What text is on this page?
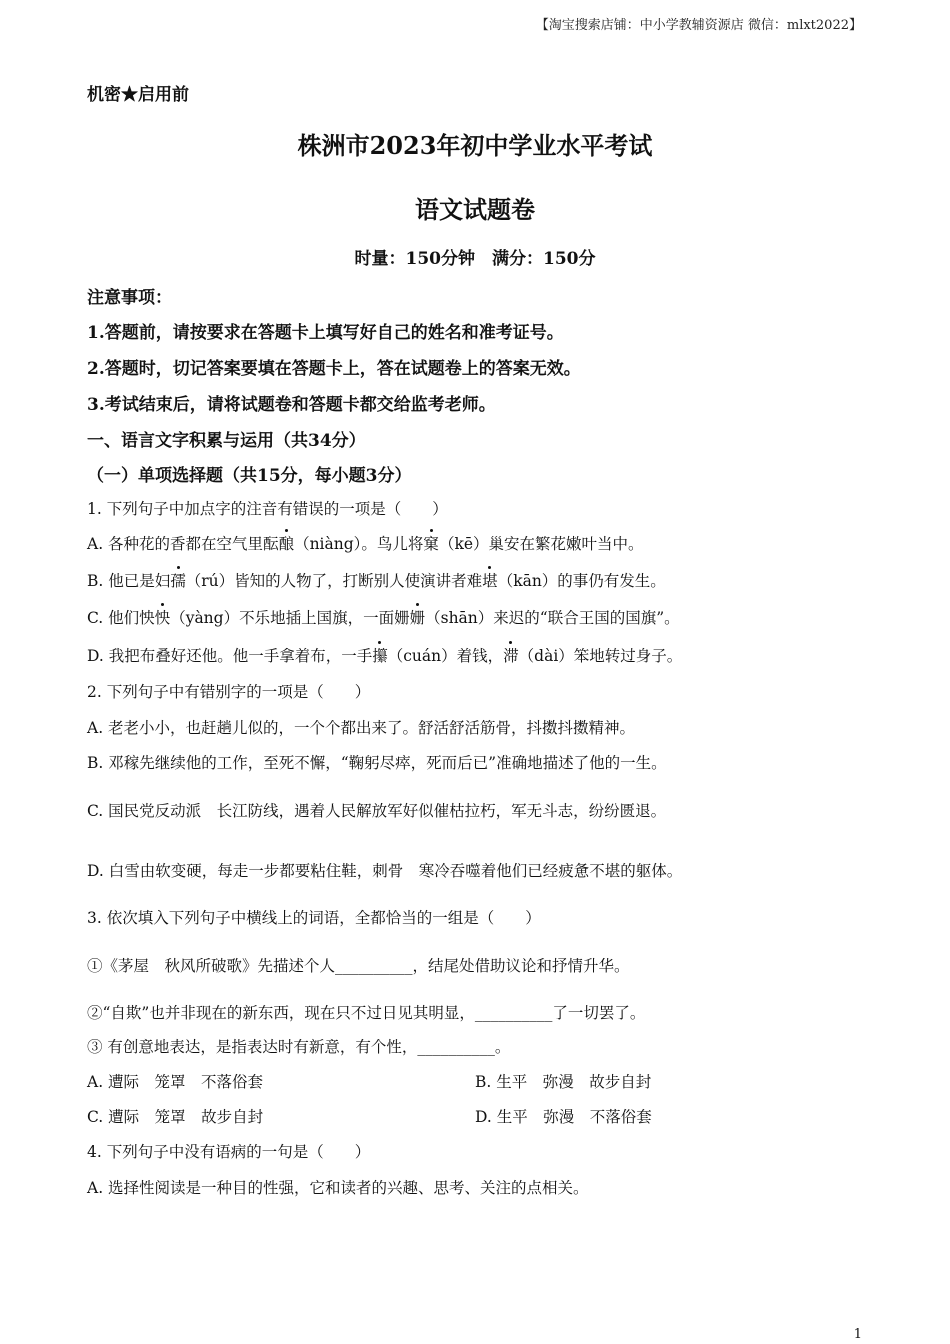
【淘宝搜索店铺：中小学教辅资源店 微信：mlxt2022】
机密★启用前
株洲市2023年初中学业水平考试
语文试题卷
时量：150分钟　满分：150分
注意事项：
1.答题前，请按要求在答题卡上填写好自己的姓名和准考证号。
2.答题时，切记答案要填在答题卡上，答在试题卷上的答案无效。
3.考试结束后，请将试题卷和答题卡都交给监考老师。
一、语言文字积累与运用（共34分）
（一）单项选择题（共15分，每小题3分）
1. 下列句子中加点字的注音有错误的一项是（　　）
A. 各种花的香都在空气里酝酿（niàng）。鸟儿将窠（kē）巢安在繁花嫩叶当中。
B. 他已是妇孺（rú）皆知的人物了，打断别人使演讲者难堪（kān）的事仍有发生。
C. 他们怏怏（yàng）不乐地插上国旗，一面姗姗（shān）来迟的“联合王国的国旗”。
D. 我把布叠好还他。他一手拿着布，一手攥（cuán）着钱，滞（dài）笨地转过身子。
2. 下列句子中有错别字的一项是（　　）
A. 老老小小，也赶趟儿似的，一个个都出来了。舒活舒活筋骨，抖擞抖擞精神。
B. 邓稼先继续他的工作，至死不懈，“鞠躬尽瘁，死而后已”准确地描述了他的一生。
C. 国民党反动派　长江防线，遇着人民解放军好似催枯拉朽，军无斗志，纷纷匮退。
D. 白雪由软变硬，每走一步都要粘住鞋，刺骨　寒冷吞噬着他们已经疲惫不堪的躯体。
3. 依次填入下列句子中横线上的词语，全都恰当的一组是（　　）
①《茅屋　秋风所破歌》先描述个人__________，结尾处借助议论和抒情升华。
②“自欺”也并非现在的新东西，现在只不过日见其明显，__________了一切罢了。
③ 有创意地表达，是指表达时有新意，有个性，__________。
A. 遭际　笼罩　不落俗套	B. 生平　弥漫　故步自封
C. 遭际　笼罩　故步自封	D. 生平　弥漫　不落俗套
4. 下列句子中没有语病的一句是（　　）
A. 选择性阅读是一种目的性强，它和读者的兴趣、思考、关注的点相关。
1
